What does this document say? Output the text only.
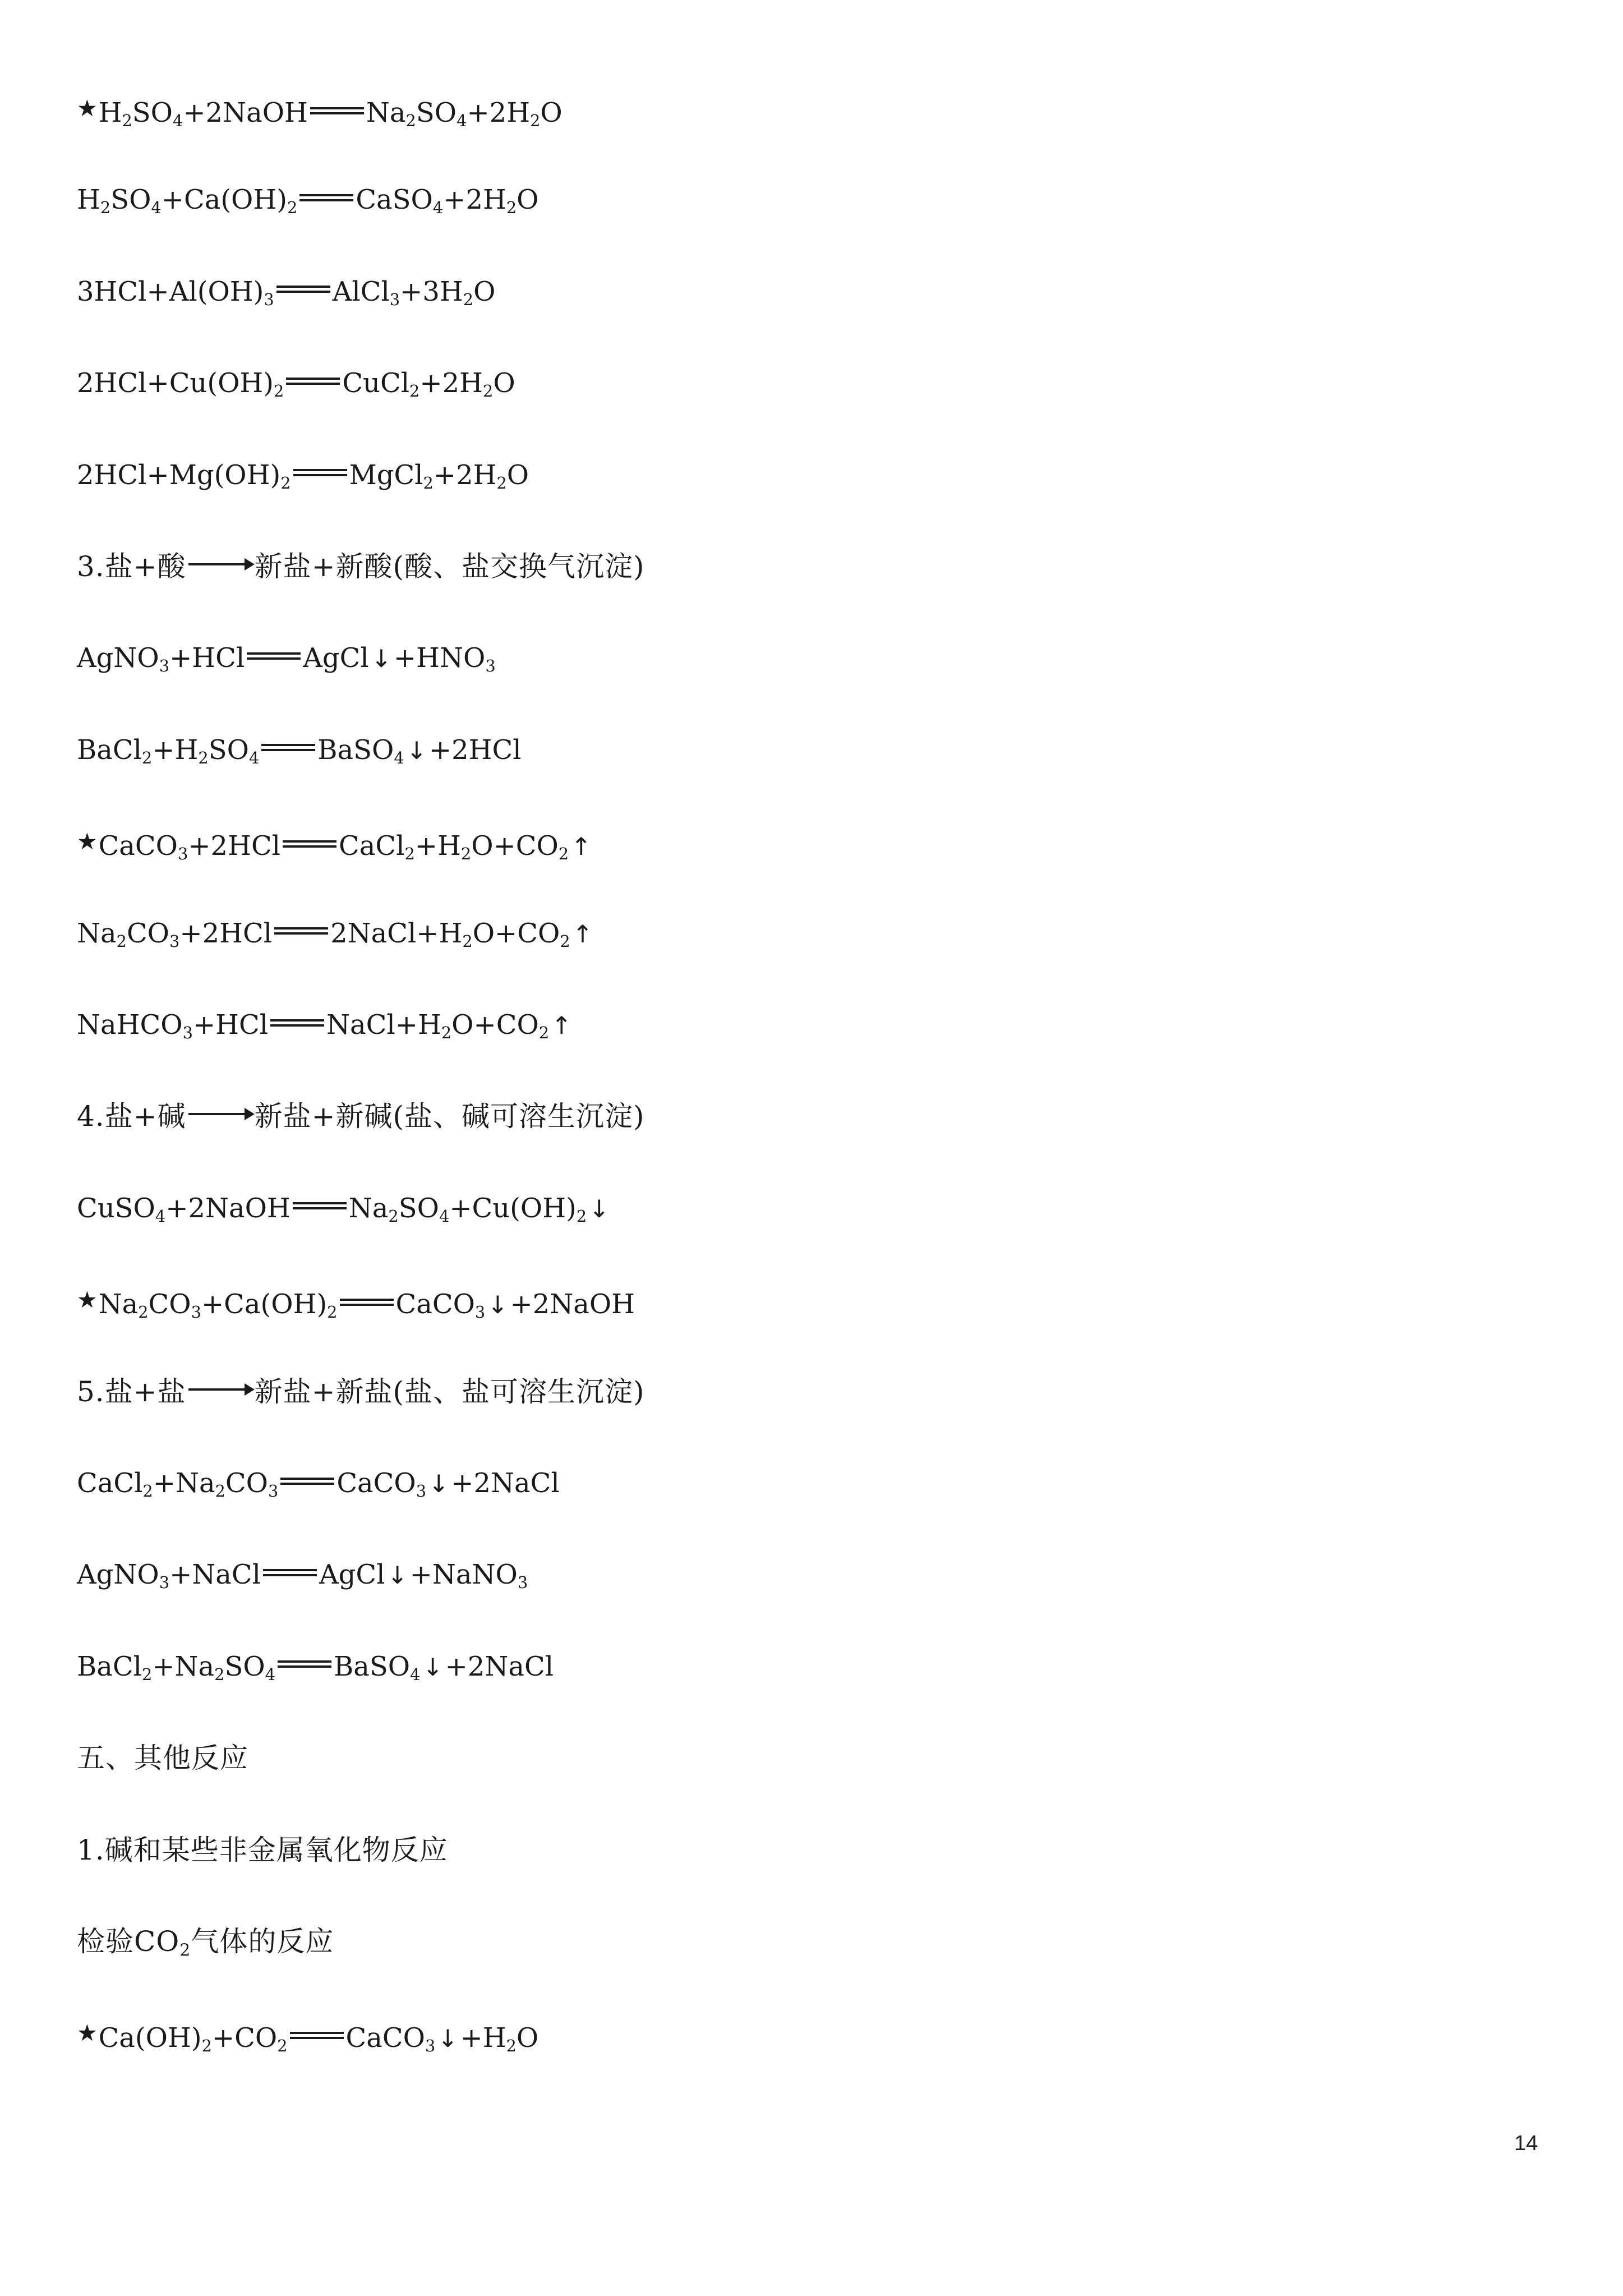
$^★H_2SO_4+2NaOH$ $Na_2SO_4+2H_2O$
$H_2SO_4+Ca(OH)_2$ $CaSO_4+2H_2O$
$3HCl+Al(OH)_3$ $AlCl_3+3H_2O$
$2HCl+Cu(OH)_2$ $CuCl_2+2H_2O$
$2HCl+Mg(OH)_2$ $MgCl_2+2H_2O$
3.盐+酸 → 新盐+新酸(酸、盐交换气沉淀)
AgNO$_3$+HCl $AgCl↓+HNO_3$
$BaCl_2+H_2SO_4$ BaSO$_4$↓+2HCl
★CaCO$_3$+2HCl $CaCl_2+H_2O+CO_2↑$
$Na_2CO_3+2HCl$ $2NaCl+H_2O+CO_2↑$
NaHCO$_3$+HCl $NaCl+H_2O+CO_2↑$
4.盐+碱 → 新盐+新碱(盐、碱可溶生沉淀)
CuSO$_4$+2NaOH $Na_2SO_4+Cu(OH)_2↓$
$^★Na_2CO_3+Ca(OH)_2$ CaCO$_3$↓+2NaOH
5.盐+盐 → 新盐+新盐(盐、盐可溶生沉淀)
$CaCl_2+Na_2CO_3$ CaCO$_3$↓+2NaCl
AgNO$_3$+NaCl AgCl↓+NaNO$_3$
$BaCl_2+Na_2SO_4$ BaSO$_4$↓+2NaCl
五、其他反应
1.碱和某些非金属氧化物反应
检验$CO_2$气体的反应
$^★Ca(OH)_2+CO_2$ $CaCO_3↓+H_2O$
14
